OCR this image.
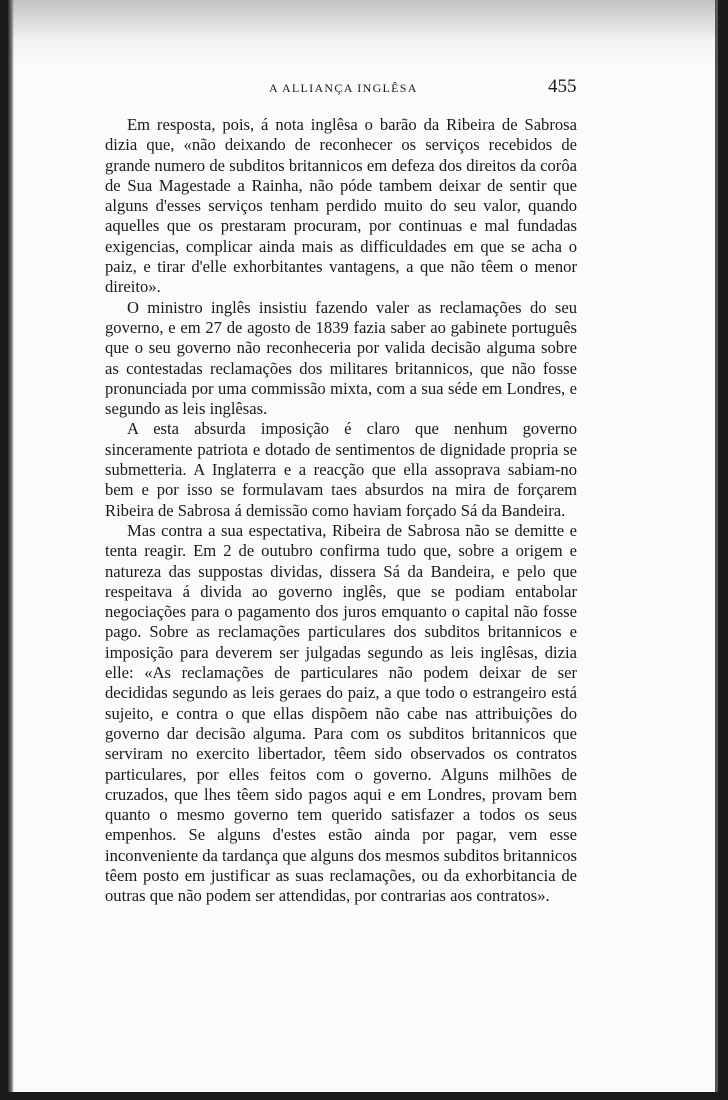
A ALLIANÇA INGLÊSA	455

Em resposta, pois, á nota inglêsa o barão da Ribeira de Sabrosa dizia que, «não deixando de reconhecer os serviços recebidos de grande numero de subditos britannicos em defeza dos direitos da corôa de Sua Magestade a Rainha, não póde tambem deixar de sentir que alguns d'esses serviços tenham perdido muito do seu valor, quando aquelles que os prestaram procuram, por continuas e mal fundadas exigencias, complicar ainda mais as difficuldades em que se acha o paiz, e tirar d'elle exhorbitantes vantagens, a que não têem o menor direito».

O ministro inglês insistiu fazendo valer as reclamações do seu governo, e em 27 de agosto de 1839 fazia saber ao gabinete português que o seu governo não reconheceria por valida decisão alguma sobre as contestadas reclamações dos militares britannicos, que não fosse pronunciada por uma commissão mixta, com a sua séde em Londres, e segundo as leis inglêsas.

A esta absurda imposição é claro que nenhum governo sinceramente patriota e dotado de sentimentos de dignidade propria se submetteria. A Inglaterra e a reacção que ella assoprava sabiam-no bem e por isso se formulavam taes absurdos na mira de forçarem Ribeira de Sabrosa á demissão como haviam forçado Sá da Bandeira.

Mas contra a sua espectativa, Ribeira de Sabrosa não se demitte e tenta reagir. Em 2 de outubro confirma tudo que, sobre a origem e natureza das suppostas dividas, dissera Sá da Bandeira, e pelo que respeitava á divida ao governo inglês, que se podiam entabolar negociações para o pagamento dos juros emquanto o capital não fosse pago. Sobre as reclamações particulares dos subditos britannicos e imposição para deverem ser julgadas segundo as leis inglêsas, dizia elle: «As reclamações de particulares não podem deixar de ser decididas segundo as leis geraes do paiz, a que todo o estrangeiro está sujeito, e contra o que ellas dispõem não cabe nas attribuições do governo dar decisão alguma. Para com os subditos britannicos que serviram no exercito libertador, têem sido observados os contratos particulares, por elles feitos com o governo. Alguns milhões de cruzados, que lhes têem sido pagos aqui e em Londres, provam bem quanto o mesmo governo tem querido satisfazer a todos os seus empenhos. Se alguns d'estes estão ainda por pagar, vem esse inconveniente da tardança que alguns dos mesmos subditos britannicos têem posto em justificar as suas reclamações, ou da exhorbitancia de outras que não podem ser attendidas, por contrarias aos contratos».
